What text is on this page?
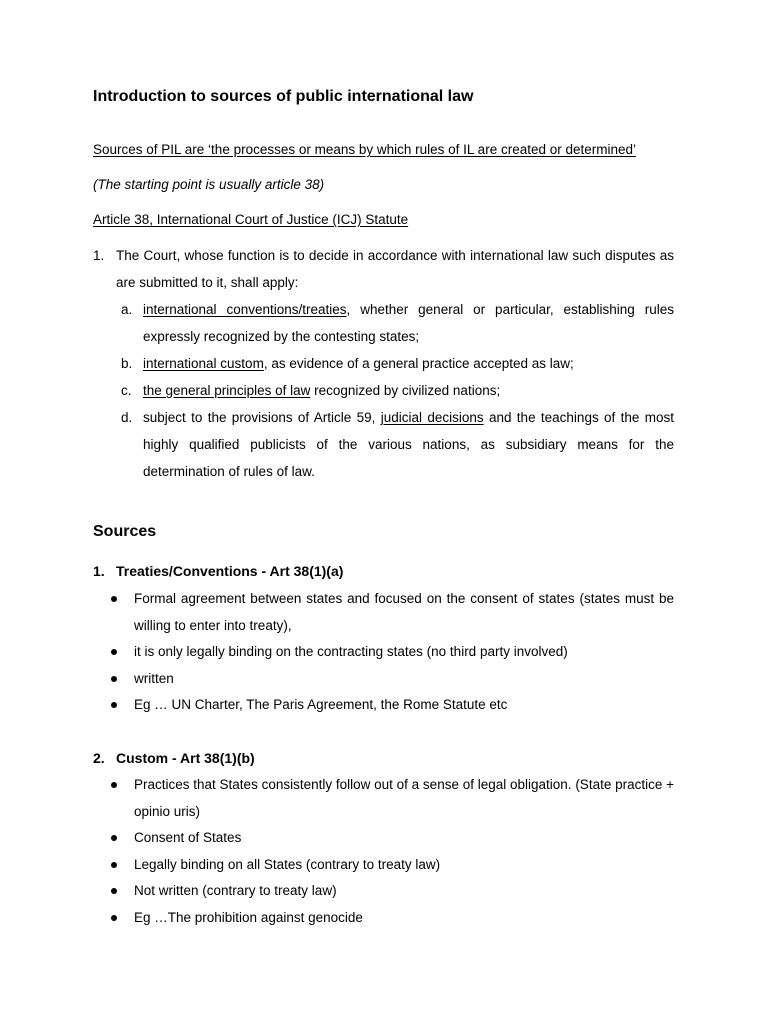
Introduction to sources of public international law
Sources of PIL are ‘the processes or means by which rules of IL are created or determined’
(The starting point is usually article 38)
Article 38, International Court of Justice (ICJ) Statute
1. The Court, whose function is to decide in accordance with international law such disputes as are submitted to it, shall apply:
a. international conventions/treaties, whether general or particular, establishing rules expressly recognized by the contesting states;
b. international custom, as evidence of a general practice accepted as law;
c. the general principles of law recognized by civilized nations;
d. subject to the provisions of Article 59, judicial decisions and the teachings of the most highly qualified publicists of the various nations, as subsidiary means for the determination of rules of law.
Sources
1. Treaties/Conventions - Art 38(1)(a)
Formal agreement between states and focused on the consent of states (states must be willing to enter into treaty),
it is only legally binding on the contracting states (no third party involved)
written
Eg … UN Charter, The Paris Agreement, the Rome Statute etc
2. Custom - Art 38(1)(b)
Practices that States consistently follow out of a sense of legal obligation. (State practice + opinio uris)
Consent of States
Legally binding on all States (contrary to treaty law)
Not written (contrary to treaty law)
Eg …The prohibition against genocide
